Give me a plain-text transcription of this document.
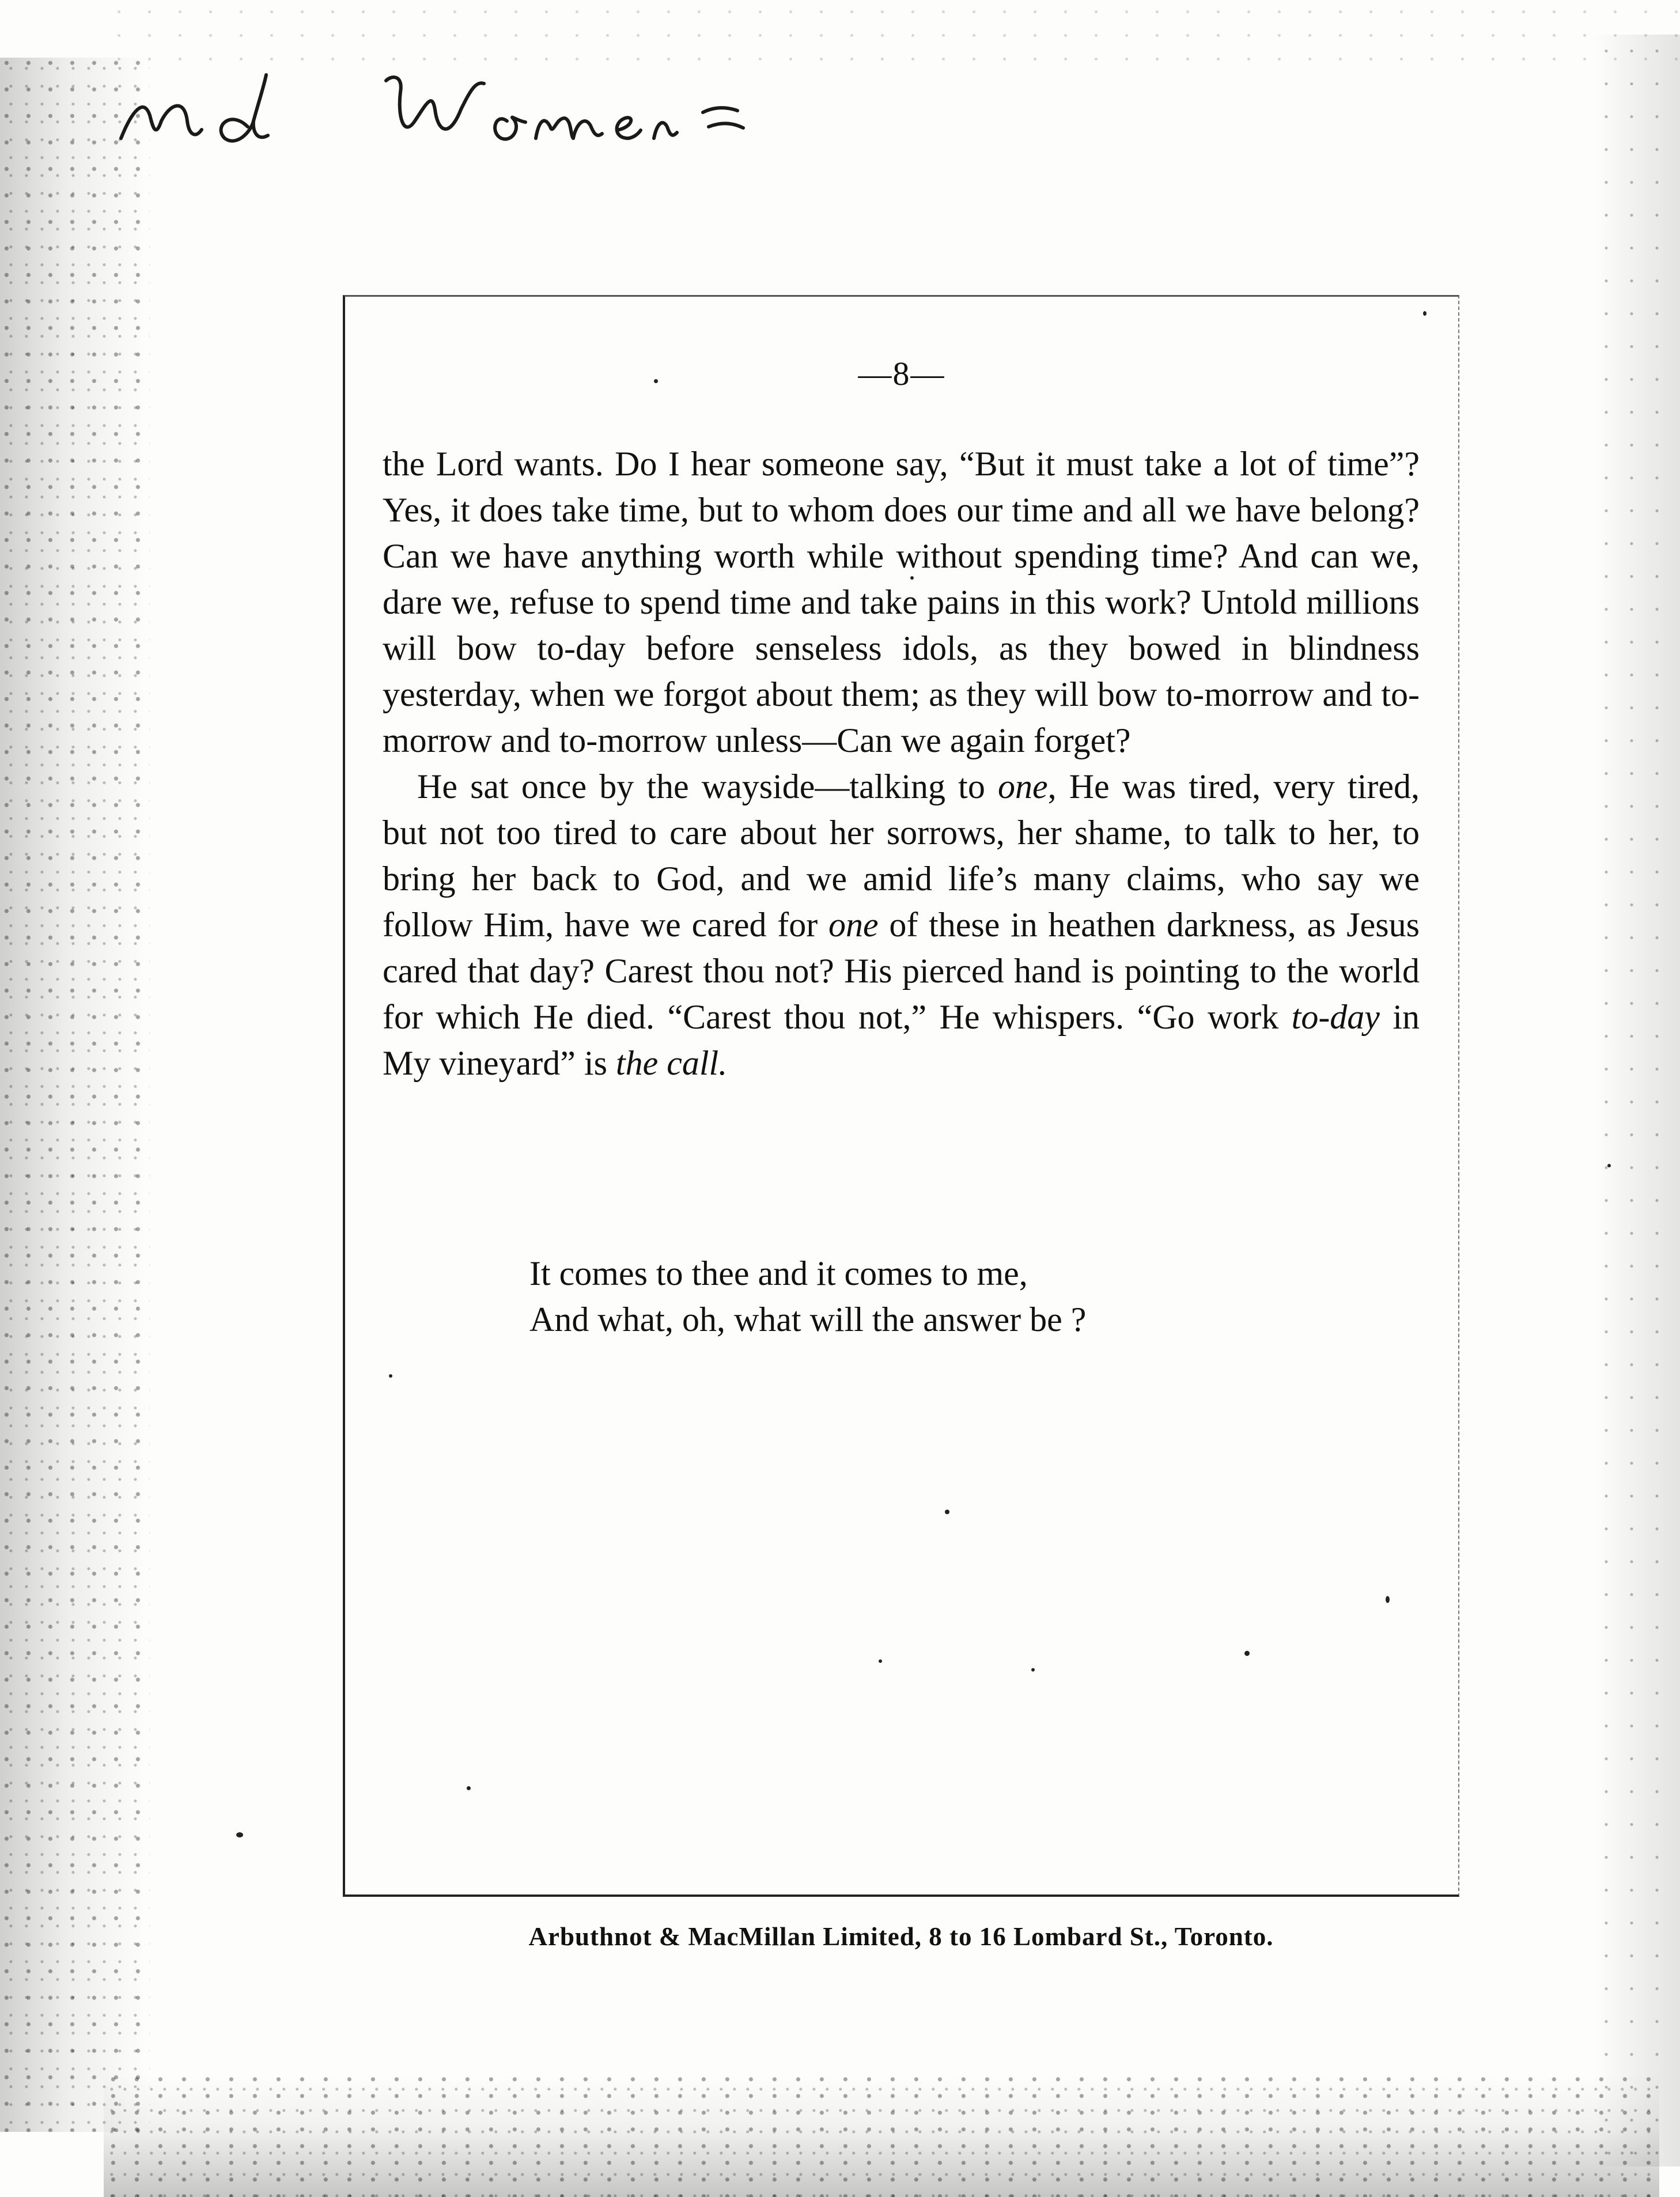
—8—

the Lord wants. Do I hear someone say, “But it must take a lot of time”? Yes, it does take time, but to whom does our time and all we have belong? Can we have anything worth while without spending time? And can we, dare we, refuse to spend time and take pains in this work? Untold millions will bow to-day before senseless idols, as they bowed in blindness yesterday, when we forgot about them; as they will bow to-morrow and to-morrow and to-morrow unless—Can we again forget?

He sat once by the wayside—talking to one, He was tired, very tired, but not too tired to care about her sorrows, her shame, to talk to her, to bring her back to God, and we amid life’s many claims, who say we follow Him, have we cared for one of these in heathen darkness, as Jesus cared that day? Carest thou not? His pierced hand is pointing to the world for which He died. “Carest thou not,” He whispers. “Go work to-day in My vineyard” is the call.

It comes to thee and it comes to me,
And what, oh, what will the answer be ?
Arbuthnot & MacMillan Limited, 8 to 16 Lombard St., Toronto.
